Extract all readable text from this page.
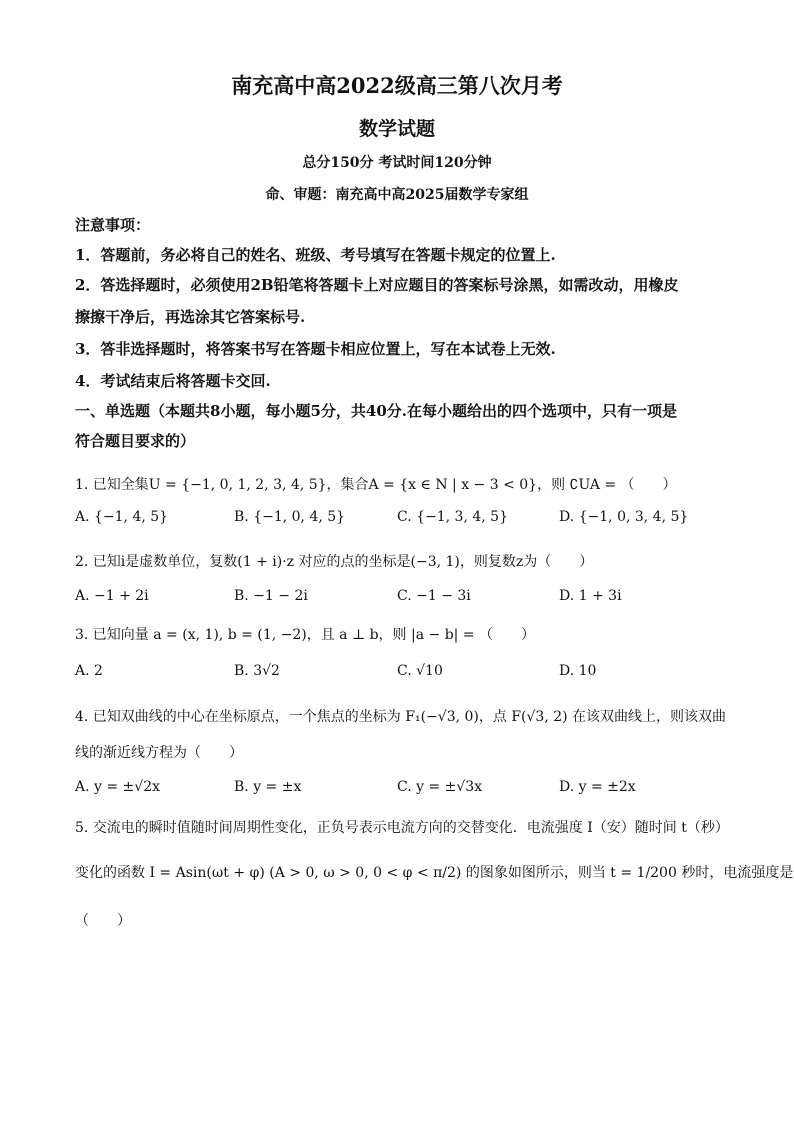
南充高中高2022级高三第八次月考
数学试题
总分150分 考试时间120分钟
命、审题：南充高中高2025届数学专家组
注意事项：
1．答题前，务必将自己的姓名、班级、考号填写在答题卡规定的位置上.
2．答选择题时，必须使用2B铅笔将答题卡上对应题目的答案标号涂黑，如需改动，用橡皮
擦擦干净后，再选涂其它答案标号.
3．答非选择题时，将答案书写在答题卡相应位置上，写在本试卷上无效.
4．考试结束后将答题卡交回.
一、单选题（本题共8小题，每小题5分，共40分.在每小题给出的四个选项中，只有一项是
符合题目要求的）
1. 已知全集U = {−1, 0, 1, 2, 3, 4, 5}，集合A = {x ∈ N | x − 3 < 0}，则 ∁UA = （　　）
A. {−1, 4, 5}	B. {−1, 0, 4, 5}	C. {−1, 3, 4, 5}	D. {−1, 0, 3, 4, 5}
2. 已知i是虚数单位，复数(1 + i)·z 对应的点的坐标是(−3, 1)，则复数z为（　　）
A. −1 + 2i	B. −1 − 2i	C. −1 − 3i	D. 1 + 3i
3. 已知向量 a = (x, 1), b = (1, −2)，且 a ⊥ b，则 |a − b| = （　　）
A. 2	B. 3√2	C. √10	D. 10
4. 已知双曲线的中心在坐标原点，一个焦点的坐标为 F₁(−√3, 0)，点 F(√3, 2) 在该双曲线上，则该双曲
线的渐近线方程为（　　）
A. y = ±√2x	B. y = ±x	C. y = ±√3x	D. y = ±2x
5. 交流电的瞬时值随时间周期性变化，正负号表示电流方向的交替变化．电流强度 I（安）随时间 t（秒）
变化的函数 I = Asin(ωt + φ) (A > 0, ω > 0, 0 < φ < π/2) 的图象如图所示，则当 t = 1/200 秒时，电流强度是
（　　）
